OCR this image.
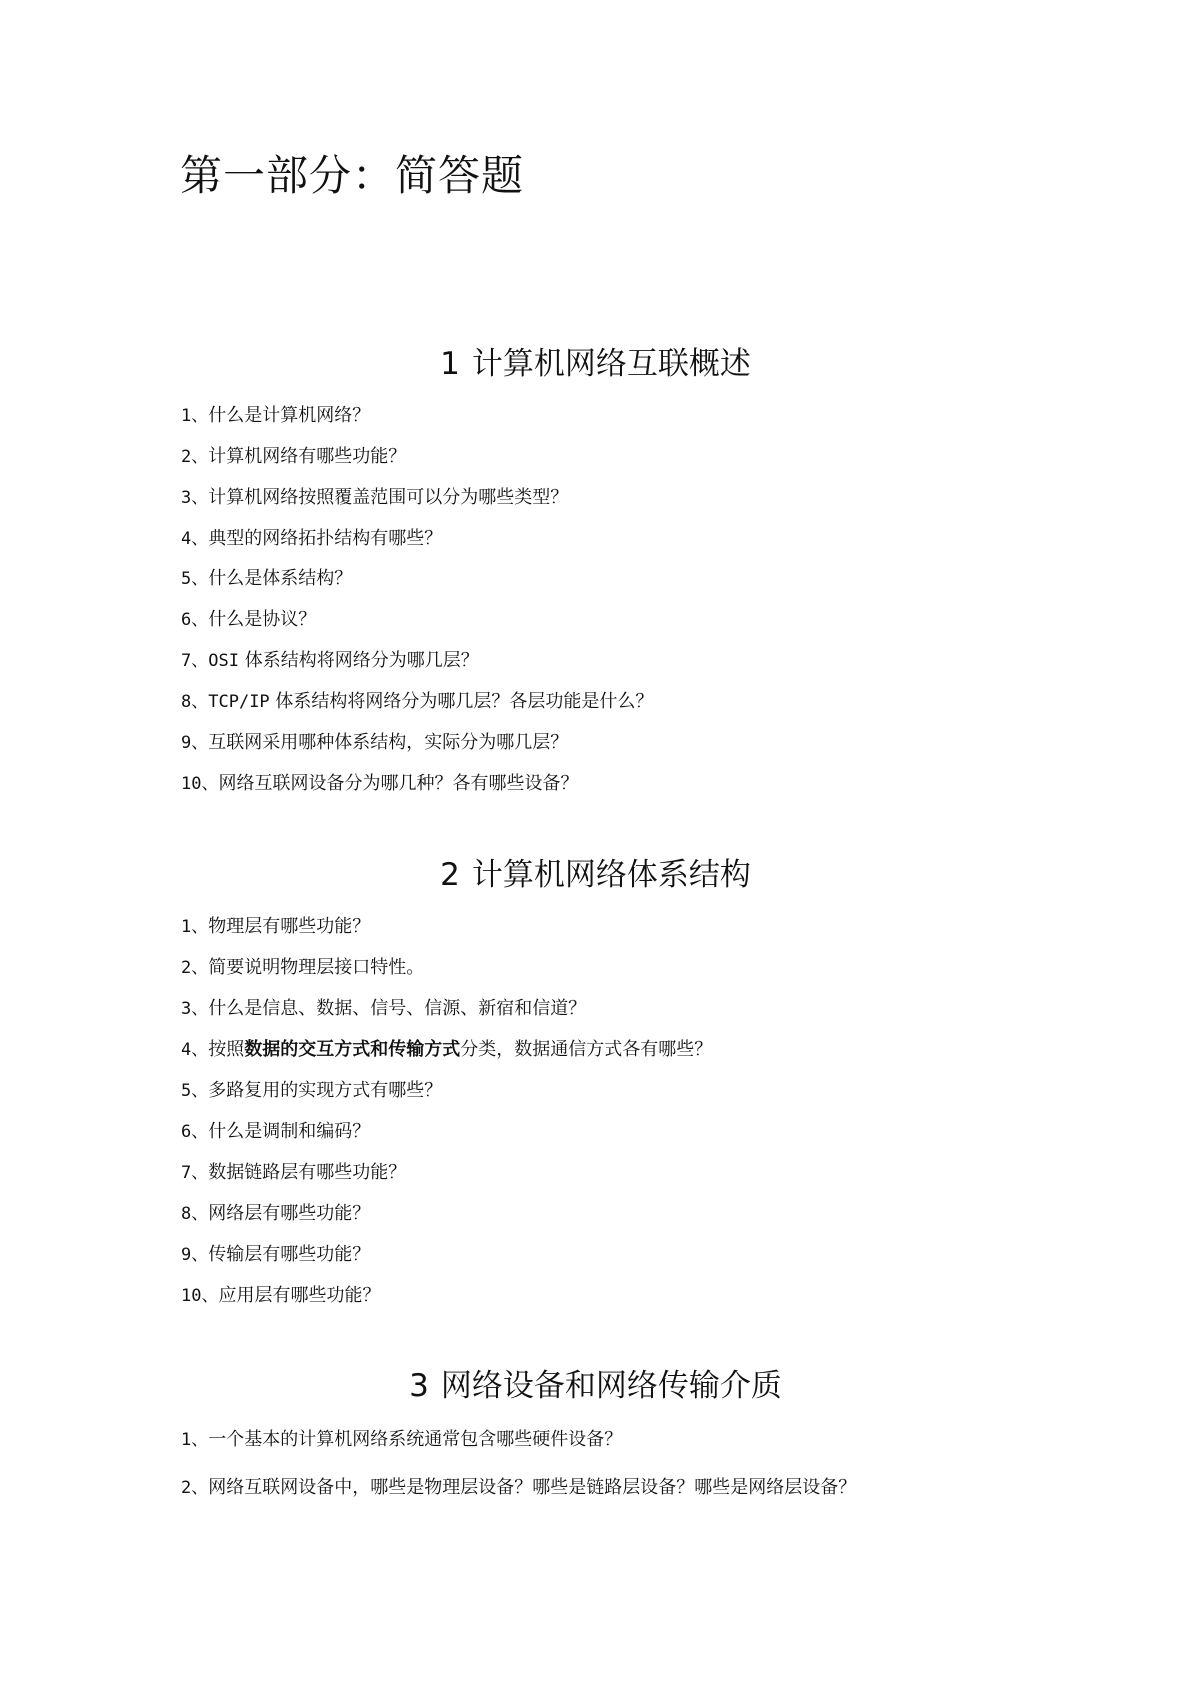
第一部分：简答题
1 计算机网络互联概述
1、什么是计算机网络？
2、计算机网络有哪些功能？
3、计算机网络按照覆盖范围可以分为哪些类型？
4、典型的网络拓扑结构有哪些？
5、什么是体系结构？
6、什么是协议？
7、OSI 体系结构将网络分为哪几层？
8、TCP/IP 体系结构将网络分为哪几层？各层功能是什么？
9、互联网采用哪种体系结构，实际分为哪几层？
10、网络互联网设备分为哪几种？各有哪些设备？
2 计算机网络体系结构
1、物理层有哪些功能？
2、简要说明物理层接口特性。
3、什么是信息、数据、信号、信源、新宿和信道？
4、按照数据的交互方式和传输方式分类，数据通信方式各有哪些？
5、多路复用的实现方式有哪些？
6、什么是调制和编码？
7、数据链路层有哪些功能？
8、网络层有哪些功能？
9、传输层有哪些功能？
10、应用层有哪些功能？
3 网络设备和网络传输介质
1、一个基本的计算机网络系统通常包含哪些硬件设备？
2、网络互联网设备中，哪些是物理层设备？哪些是链路层设备？哪些是网络层设备？
